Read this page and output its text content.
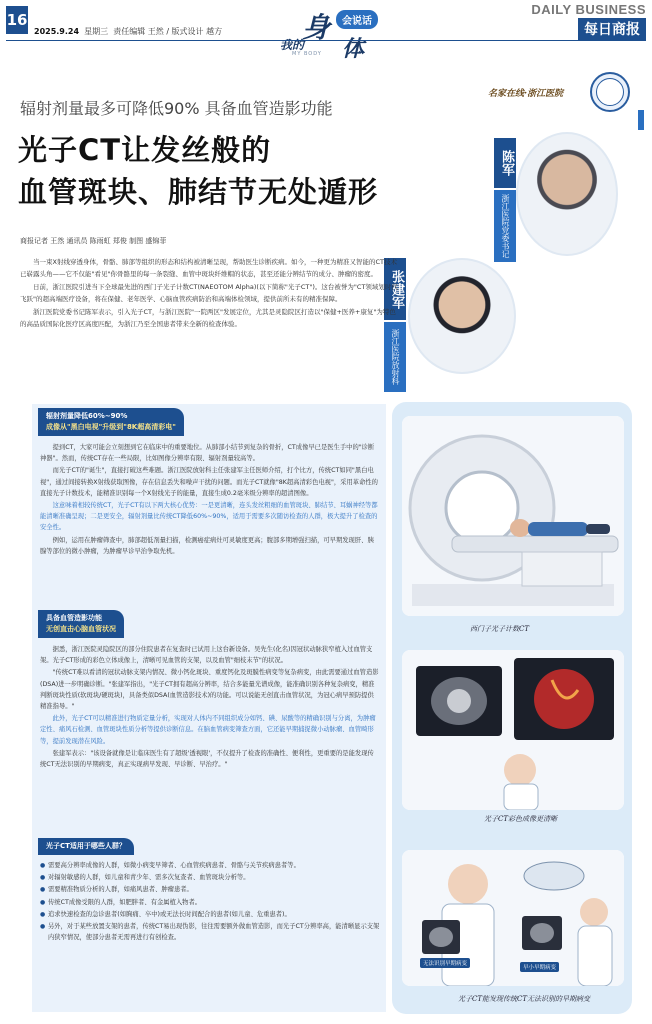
16
2025.9.24 星期三 责任编辑 王然 / 版式设计 越方
我的
身	会说话
体
MY BODY
DAILY BUSINESS
每日商报
名家在线·浙江医院
辐射剂量最多可降低90% 具备血管造影功能
光子CT让发丝般的
血管斑块、肺结节无处遁形
陈军
浙江医院党委书记
张建军
浙江医院放射科主任
商报记者 王然 通讯员 陈雨虹 郑俊 制图 盛锦菲

当一束X射线穿透身体，骨骼、肺部等组织的形态和结构被清晰呈现，帮助医生诊断疾病。如今，一种更为精准又智能的CT技术已崭露头角——它不仅能"看见"你骨骼里的每一条裂缝、血管中斑块纤维帽的状态，甚至还能分辨结节的成分、肿瘤的密度。

日前，浙江医院引进当下全球最先进的西门子光子计数CT(NAEOTOM Alpha)(以下简称"光子CT")。这台被誉为"CT领域划时代飞跃"的超高端医疗设备，将在保健、老年医学、心脑血管疾病防治和高端体检领域，提供前所未有的精准保障。

浙江医院党委书记陈军表示，引入光子CT，与浙江医院"一院两区"发展定位，尤其是灵隐院区打造以"保健+医养+康复"为特色的高品质国际化医疗区高度匹配，为浙江乃至全国患者带来全新的检查体验。

辐射剂量降低60%~90%
成像从"黑白电视"升级到"8K超高清彩电"

提到CT，大家可能会立刻想到它在临床中的重要地位。从肺部小结节到复杂的骨折，CT成像早已是医生手中的"诊断神器"。然而，传统CT存在一些局限，比如图像分辨率有限、辐射剂量较高等。

而光子CT的"诞生"，直接打破这些难题。浙江医院放射科主任张建军主任医师介绍，打个比方，传统CT如同"黑白电视"，通过间接转换X射线获取图像，存在信息丢失和噪声干扰的问题。而光子CT就像"8K超高清彩色电视"，采用革命性的直接光子计数技术，能精准识别每一个X射线光子的能量，直接生成0.2毫米级分辨率的超清图像。

这意味着相较传统CT，光子CT有以下两大核心优势：一是更清晰，连头发丝粗细的血管斑块、肺结节、耳蜗神经等都能清晰准确呈现；二是更安全，辐射剂量比传统CT降低60%~90%，适用于需要多次随访检查的人群，极大提升了检查的安全性。

例如，运用在肿瘤筛查中，肺部超低剂量扫描，检测癌症病灶可灵敏度更高；腹部多期增强扫描，可早期发现肝、胰腺等部位的微小肿瘤，为肿瘤早诊早治争取先机。

具备血管造影功能
无创直击心脑血管状况

据悉，浙江医院灵隐院区的部分住院患者在复查时已试用上这台新设备。吴先生(化名)因冠状动脉狭窄植入过血管支架。光子CT形成的彩色立体成像上，清晰可见血管的支架，以及血管"细枝末节"的状况。

"传统CT难以看清的冠状动脉支架内情况、微小钙化斑块、重度钙化及斑膜性病变等复杂病变，由此需要通过血管造影(DSA)进一步明确诊断。"张建军指出，"光子CT拥有超高分辨率，结合多能量光谱成像，能准确识别各种复杂病变，精准判断斑块性质(软斑块/硬斑块)，具备类似DSA(血管造影技术)的功能。可以说能无创直击血管状况，为冠心病早预防提供精准指导。"

此外，光子CT可以精准进行物质定量分析，实现对人体内不同组织成分如钙、碘、尿酸等的精确识别与分离，为肿瘤定性、痛风石检测、血管斑块性质分析等提供诊断信息。在脑血管病变筛查方面，它还能早期捕捉微小动脉瘤、血管畸形等，提前发现潜在风险。

张建军表示："该设备就像是让临床医生有了超级'透视眼'，不仅提升了检查的准确性、便利性，更重要的是能发现传统CT无法识别的早期病变，真正实现病早发现、早诊断、早治疗。"

光子CT适用于哪些人群？

● 需要高分辨率成像的人群，如微小病变早筛者、心血管疾病患者、骨骼与关节疾病患者等。

● 对辐射敏感的人群，如儿童和青少年、需多次复查者、血管斑块分析等。

● 需要精准物质分析的人群，如痛风患者、肿瘤患者。

● 传统CT成像受限的人群，如肥胖者、有金属植入物者。

● 追求快速检查的急诊患者(如胸痛、卒中)或无法长时间配合的患者(如儿童、危重患者)。

● 另外，对于某些放置支架的患者，传统CT易出现伪影，往往需要额外做血管造影，而光子CT分辨率高，能清晰显示支架内狭窄情况，使部分患者无需再进行有创检查。

西门子光子计数CT
光子CT彩色成像更清晰
无法识别早期病变
早小早期病变
光子CT能发现传统CT无法识别的早期病变
